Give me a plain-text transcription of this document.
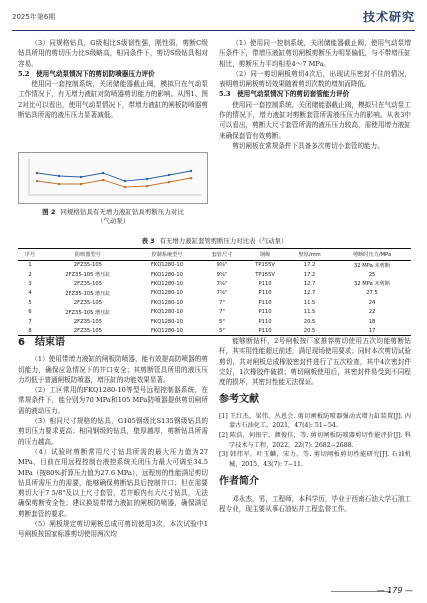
2025年第6期	技术研究

（3）同规格钻具，G级相比S级韧性强，刚性弱，剪断C级钻具所用的剪切压力比S级略高，相同条件下，剪切S级钻具相对容易。

5.2　使用气动泵情况下的剪切防喷器压力评价

使用同一套控制系统，关闭储能器截止阀，模拟只在气动泵工作情况下，有无增力液缸对防喷器剪切能力的影响。从图1、图2对比可以看出，使用气动泵情况下，带增力液缸的闸板防喷器剪断钻具所需的液压压力显著减低。

图 2 同规格钻具有无增力液缸钻具剪断压力对比
（气动泵）

（1）使用同一控制系统，关闭储能器截止阀，使用气动泵增压条件下，带增压液缸剪切闸板剪断压力明显偏低，与不带增压缸相比，剪断压力平均相差4～7 MPa。

（2）同一剪切闸板剪切4次后，出现试压密封不住的情况，表明剪切闸板剪切效果随着剪切次数的增加而降低。

5.3　使用气动泵情况下的剪切套管能力评价

使用同一套控制系统，关闭储能器截止阀，模拟只在气动泵工作的情况下，增力液缸对剪断套管所需液压压力的影响。从表3中可以看出，剪断大尺寸套管所需的液压压力较高，需使用增力液缸来确保套管有效剪断。

剪切闸板在常规条件下具备多次剪切小套管的能力。

表 3 有无增力液缸套管剪断压力对比表（气动泵）
序号	防喷器型号	控制系统型号	套管尺寸	钢级	壁厚/mm	剪断时压力/MPa
1	2FZ35-105	FKQ1280-10	9⅝"	TP155V	17.2	32 MPa 未剪断
2	2FZ35-105 增压缸	FKQ1280-10	9⅝"	TP155V	17.2	25
3	2FZ35-105	FKQ1280-10	7⅝"	P110	12.7	32 MPa 未剪断
4	2FZ35-105 增压缸	FKQ1280-10	7⅝"	P110	12.7	27.5
5	2FZ35-105	FKQ1280-10	7"	P110	11.5	24
6	2FZ35-105 增压缸	FKQ1280-10	7"	P110	11.5	22
7	2FZ35-105	FKQ1280-10	5"	P110	20.5	18
8	2FZ35-105	FKQ1280-10	5"	P110	20.5	17
6　结束语

（1）使用带增力液缸的闸板防喷器，能有效提高防喷器的剪切能力，确保应急情况下的井口安全；其剪断管具所用的液压压力均低于普通闸板防喷器，增压缸的功能效果显著。

（2）工区常用的FKQ1280-10等型号远程控制器系统，在常规条件下，能分别为70 MPa和105 MPa防喷器提供剪切闸所需的液动压力。

（3）相同尺寸规格的钻具，G105钢级比S135钢级钻具的剪切压力要求更高；相同钢级的钻具，壁厚越厚，剪断钻具所需的压力越高。

（4）试验时剪断常用尺寸钻具所需的最大压力值为27 MPa，目前在用远程控制台液控系统关闭压力最大可调至34.5 MPa（按80%折算压力值为27.6 MPa），远程房的性能满足剪切钻具所需压力的需要，能够确保剪断钻具后控制井口；但在需要剪切大于7 5/8"及以上尺寸套管，若井眼内有大尺寸钻具，无法确保剪断安全性；建议换装带增力液缸的闸板防喷器，确保满足剪断套管的要求。

（5）闸板规定剪切闸板总成可剪切使用3次，本次试验中1号闸板按国家标准剪切使用两次均

能够断钻杆，2号闸板按厂家推荐剪切使用五次均能剪断钻杆，其实用性能超过前述，满足现场使用要求；同时本次剪切试验剪切，共对闸板总成橡胶密封件进行了五次检查，其中4次密封件完好，1次橡胶件破损；剪切闸板使用后，其密封件易受到不同程度的损坏，其密封性能无法保证。

参考文献

[1] 王红杰，梁伟，丛恩会. 剪切闸板防喷器强动式增力缸装置[J]. 内蒙古石油化工，2021，47(4): 51−54.

[2] 陈浩，何银宁，颜俊佳，等. 剪切闸板防喷器剪切性能评价[J]. 科学技术与工程，2022，22(7): 2682−2688.

[3] 韩伟军，叶玉麟，宋力，等. 剪切闸板剪切性能研究[J]. 石油机械，2015，43(7): 7−11.

作者简介

邓永杰，男，工程师，本科学历，毕业于西南石油大学石油工程专业，现主要从事石油钻井工程监督工作。

— 179 —
